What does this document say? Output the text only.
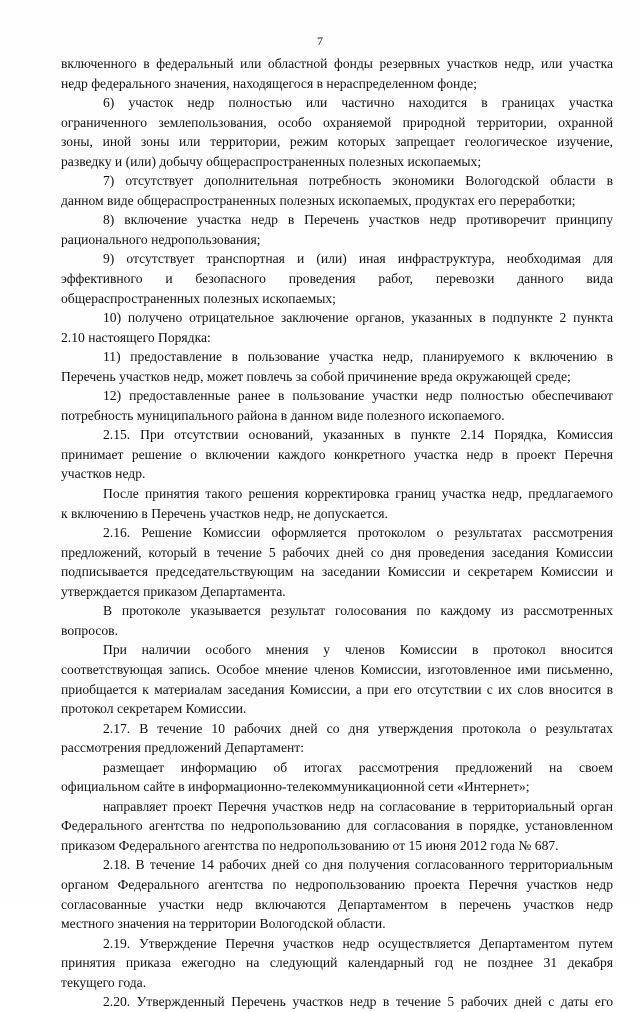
7
включенного в федеральный или областной фонды резервных участков недр, или участка
недр федерального значения, находящегося в нераспределенном фонде;
6) участок недр полностью или частично находится в границах участка
ограниченного землепользования, особо охраняемой природной территории, охранной
зоны, иной зоны или территории, режим которых запрещает геологическое изучение,
разведку и (или) добычу общераспространенных полезных ископаемых;
7) отсутствует дополнительная потребность экономики Вологодской области в
данном виде общераспространенных полезных ископаемых, продуктах его переработки;
8) включение участка недр в Перечень участков недр противоречит принципу
рационального недропользования;
9) отсутствует транспортная и (или) иная инфраструктура, необходимая для
эффективного и безопасного проведения работ, перевозки данного вида
общераспространенных полезных ископаемых;
10) получено отрицательное заключение органов, указанных в подпункте 2 пункта
2.10 настоящего Порядка:
11) предоставление в пользование участка недр, планируемого к включению в
Перечень участков недр, может повлечь за собой причинение вреда окружающей среде;
12) предоставленные ранее в пользование участки недр полностью обеспечивают
потребность муниципального района в данном виде полезного ископаемого.
2.15. При отсутствии оснований, указанных в пункте 2.14 Порядка, Комиссия
принимает решение о включении каждого конкретного участка недр в проект Перечня
участков недр.
После принятия такого решения корректировка границ участка недр, предлагаемого
к включению в Перечень участков недр, не допускается.
2.16. Решение Комиссии оформляется протоколом о результатах рассмотрения
предложений, который в течение 5 рабочих дней со дня проведения заседания Комиссии
подписывается председательствующим на заседании Комиссии и секретарем Комиссии и
утверждается приказом Департамента.
В протоколе указывается результат голосования по каждому из рассмотренных
вопросов.
При наличии особого мнения у членов Комиссии в протокол вносится
соответствующая запись. Особое мнение членов Комиссии, изготовленное ими письменно,
приобщается к материалам заседания Комиссии, а при его отсутствии с их слов вносится в
протокол секретарем Комиссии.
2.17. В течение 10 рабочих дней со дня утверждения протокола о результатах
рассмотрения предложений Департамент:
размещает информацию об итогах рассмотрения предложений на своем
официальном сайте в информационно-телекоммуникационной сети «Интернет»;
направляет проект Перечня участков недр на согласование в территориальный орган
Федерального агентства по недропользованию для согласования в порядке, установленном
приказом Федерального агентства по недропользованию от 15 июня 2012 года № 687.
2.18. В течение 14 рабочих дней со дня получения согласованного территориальным
органом Федерального агентства по недропользованию проекта Перечня участков недр
согласованные участки недр включаются Департаментом в перечень участков недр
местного значения на территории Вологодской области.
2.19. Утверждение Перечня участков недр осуществляется Департаментом путем
принятия приказа ежегодно на следующий календарный год не позднее 31 декабря
текущего года.
2.20. Утвержденный Перечень участков недр в течение 5 рабочих дней с даты его
